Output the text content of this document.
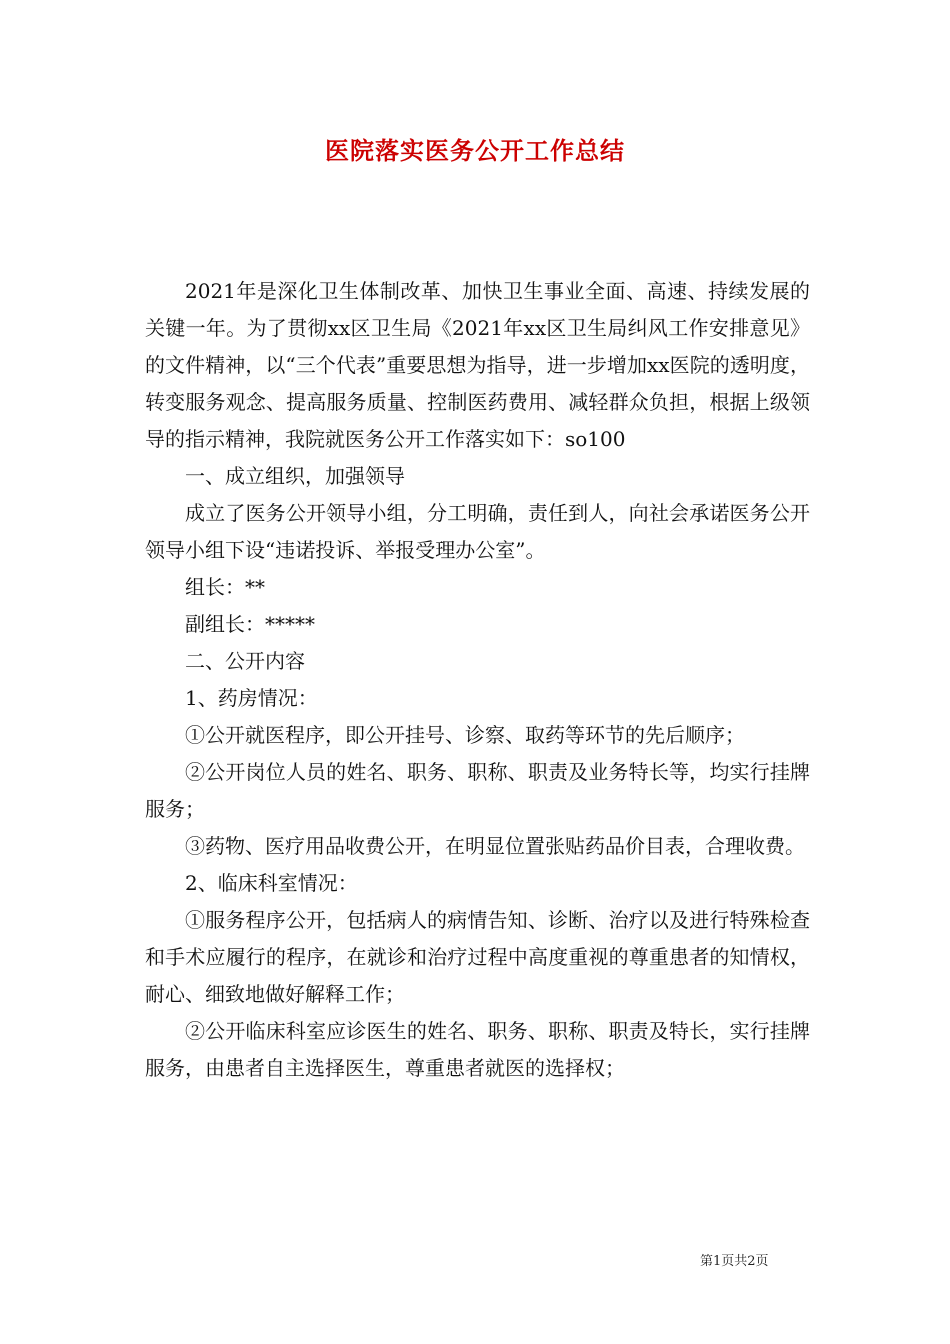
医院落实医务公开工作总结

2021年是深化卫生体制改革、加快卫生事业全面、高速、持续发展的关键一年。为了贯彻xx区卫生局《2021年xx区卫生局纠风工作安排意见》的文件精神，以“三个代表”重要思想为指导，进一步增加xx医院的透明度，转变服务观念、提高服务质量、控制医药费用、减轻群众负担，根据上级领导的指示精神，我院就医务公开工作落实如下：so100

一、成立组织，加强领导

成立了医务公开领导小组，分工明确，责任到人，向社会承诺医务公开领导小组下设“违诺投诉、举报受理办公室”。

组长：**

副组长：*****

二、公开内容

1、药房情况：

①公开就医程序，即公开挂号、诊察、取药等环节的先后顺序；

②公开岗位人员的姓名、职务、职称、职责及业务特长等，均实行挂牌服务；

③药物、医疗用品收费公开，在明显位置张贴药品价目表，合理收费。

2、临床科室情况：

①服务程序公开，包括病人的病情告知、诊断、治疗以及进行特殊检查和手术应履行的程序，在就诊和治疗过程中高度重视的尊重患者的知情权，耐心、细致地做好解释工作；

②公开临床科室应诊医生的姓名、职务、职称、职责及特长，实行挂牌服务，由患者自主选择医生，尊重患者就医的选择权；

第1页共2页
